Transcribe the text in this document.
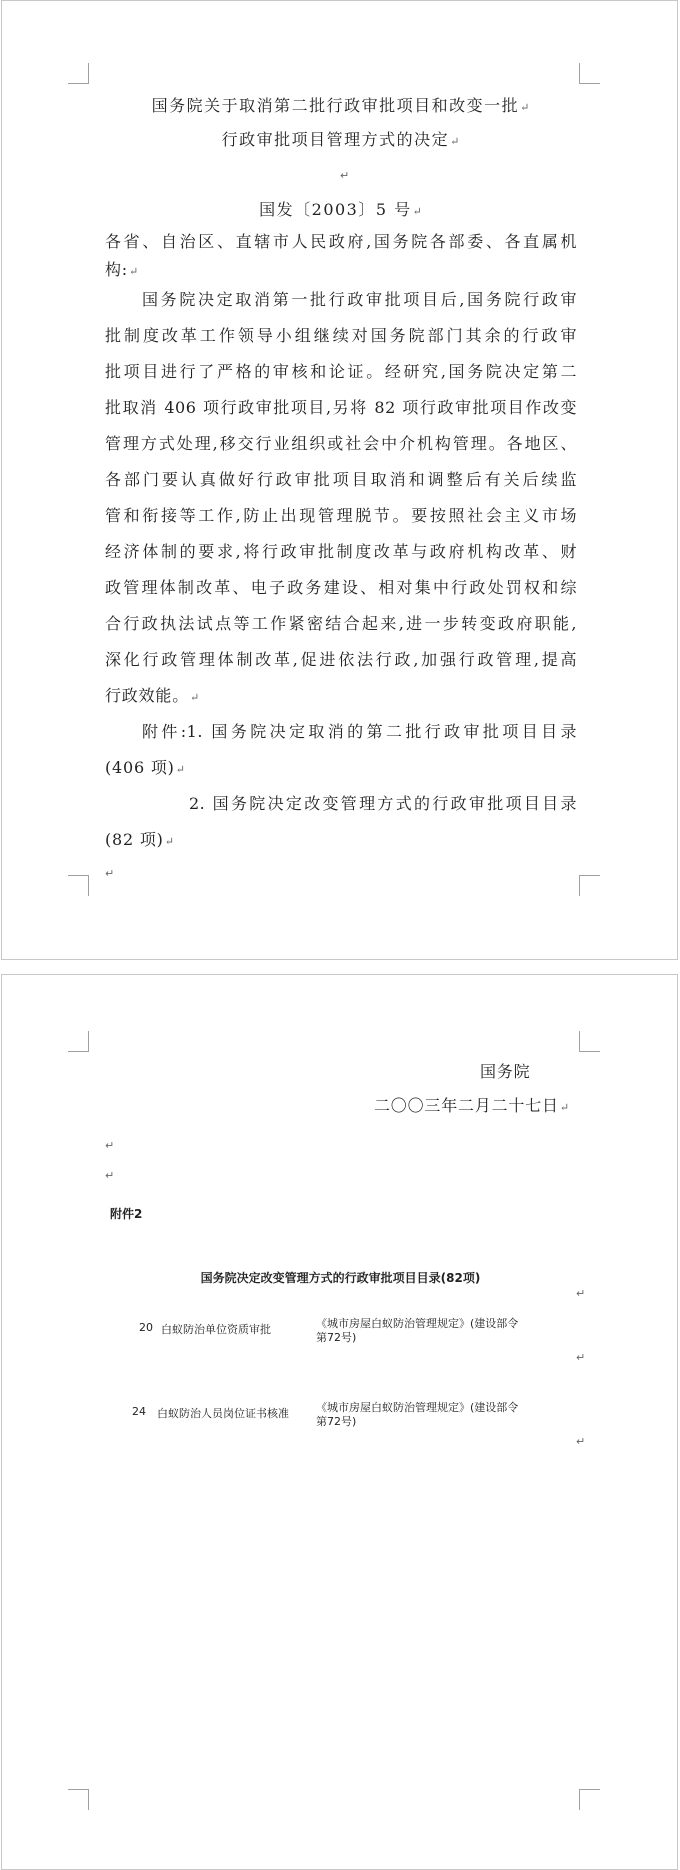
国务院关于取消第二批行政审批项目和改变一批↵
行政审批项目管理方式的决定↵
↵
国发〔2003〕5 号↵
各省、自治区、直辖市人民政府,国务院各部委、各直属机
构:↵
国务院决定取消第一批行政审批项目后,国务院行政审
批制度改革工作领导小组继续对国务院部门其余的行政审
批项目进行了严格的审核和论证。经研究,国务院决定第二
批取消 406 项行政审批项目,另将 82 项行政审批项目作改变
管理方式处理,移交行业组织或社会中介机构管理。各地区、
各部门要认真做好行政审批项目取消和调整后有关后续监
管和衔接等工作,防止出现管理脱节。要按照社会主义市场
经济体制的要求,将行政审批制度改革与政府机构改革、财
政管理体制改革、电子政务建设、相对集中行政处罚权和综
合行政执法试点等工作紧密结合起来,进一步转变政府职能,
深化行政管理体制改革,促进依法行政,加强行政管理,提高
行政效能。↵
附件:1. 国务院决定取消的第二批行政审批项目目录
(406 项)↵
2. 国务院决定改变管理方式的行政审批项目目录
(82 项)↵
↵
国务院
二〇〇三年二月二十七日↵
↵
↵
附件2
国务院决定改变管理方式的行政审批项目目录(82项)
↵
20 白蚁防治单位资质审批	《城市房屋白蚁防治管理规定》(建设部令
第72号)
↵
24 白蚁防治人员岗位证书核准 《城市房屋白蚁防治管理规定》(建设部令
第72号)
↵
